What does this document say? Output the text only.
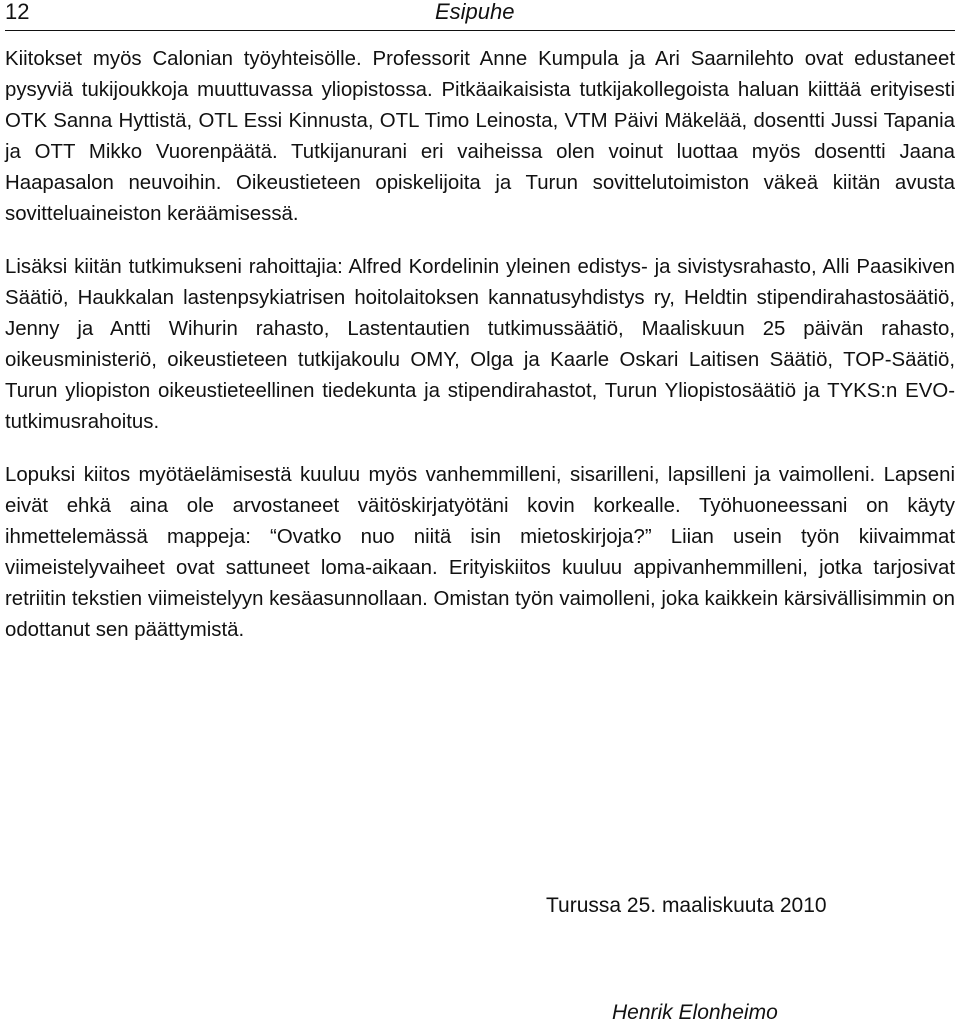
12	Esipuhe

Kiitokset myös Calonian työyhteisölle. Professorit Anne Kumpula ja Ari Saarnilehto ovat edustaneet pysyviä tukijoukkoja muuttuvassa yliopistossa. Pitkäaikaisista tutkijakollegoista haluan kiittää erityisesti OTK Sanna Hyttistä, OTL Essi Kinnusta, OTL Timo Leinosta, VTM Päivi Mäkelää, dosentti Jussi Tapania ja OTT Mikko Vuorenpäätä. Tutkijanurani eri vaiheissa olen voinut luottaa myös dosentti Jaana Haapasalon neuvoihin. Oikeustieteen opiskelijoita ja Turun sovittelutoimiston väkeä kiitän avusta sovitteluaineiston keräämisessä.

Lisäksi kiitän tutkimukseni rahoittajia: Alfred Kordelinin yleinen edistys- ja sivistysrahasto, Alli Paasikiven Säätiö, Haukkalan lastenpsykiatrisen hoitolaitoksen kannatusyhdistys ry, Heldtin stipendirahastosäätiö, Jenny ja Antti Wihurin rahasto, Lastentautien tutkimussäätiö, Maaliskuun 25 päivän rahasto, oikeusministeriö, oikeustieteen tutkijakoulu OMY, Olga ja Kaarle Oskari Laitisen Säätiö, TOP-Säätiö, Turun yliopiston oikeustieteellinen tiedekunta ja stipendirahastot, Turun Yliopistosäätiö ja TYKS:n EVO-tutkimusrahoitus.

Lopuksi kiitos myötäelämisestä kuuluu myös vanhemmilleni, sisarilleni, lapsilleni ja vaimolleni. Lapseni eivät ehkä aina ole arvostaneet väitöskirjatyötäni kovin korkealle. Työhuoneessani on käyty ihmettelemässä mappeja: “Ovatko nuo niitä isin mietoskirjoja?” Liian usein työn kiivaimmat viimeistelyvaiheet ovat sattuneet loma-aikaan. Erityiskiitos kuuluu appivanhemmilleni, jotka tarjosivat retriitin tekstien viimeistelyyn kesäasunnollaan. Omistan työn vaimolleni, joka kaikkein kärsivällisimmin on odottanut sen päättymistä.

Turussa 25. maaliskuuta 2010
Henrik Elonheimo
